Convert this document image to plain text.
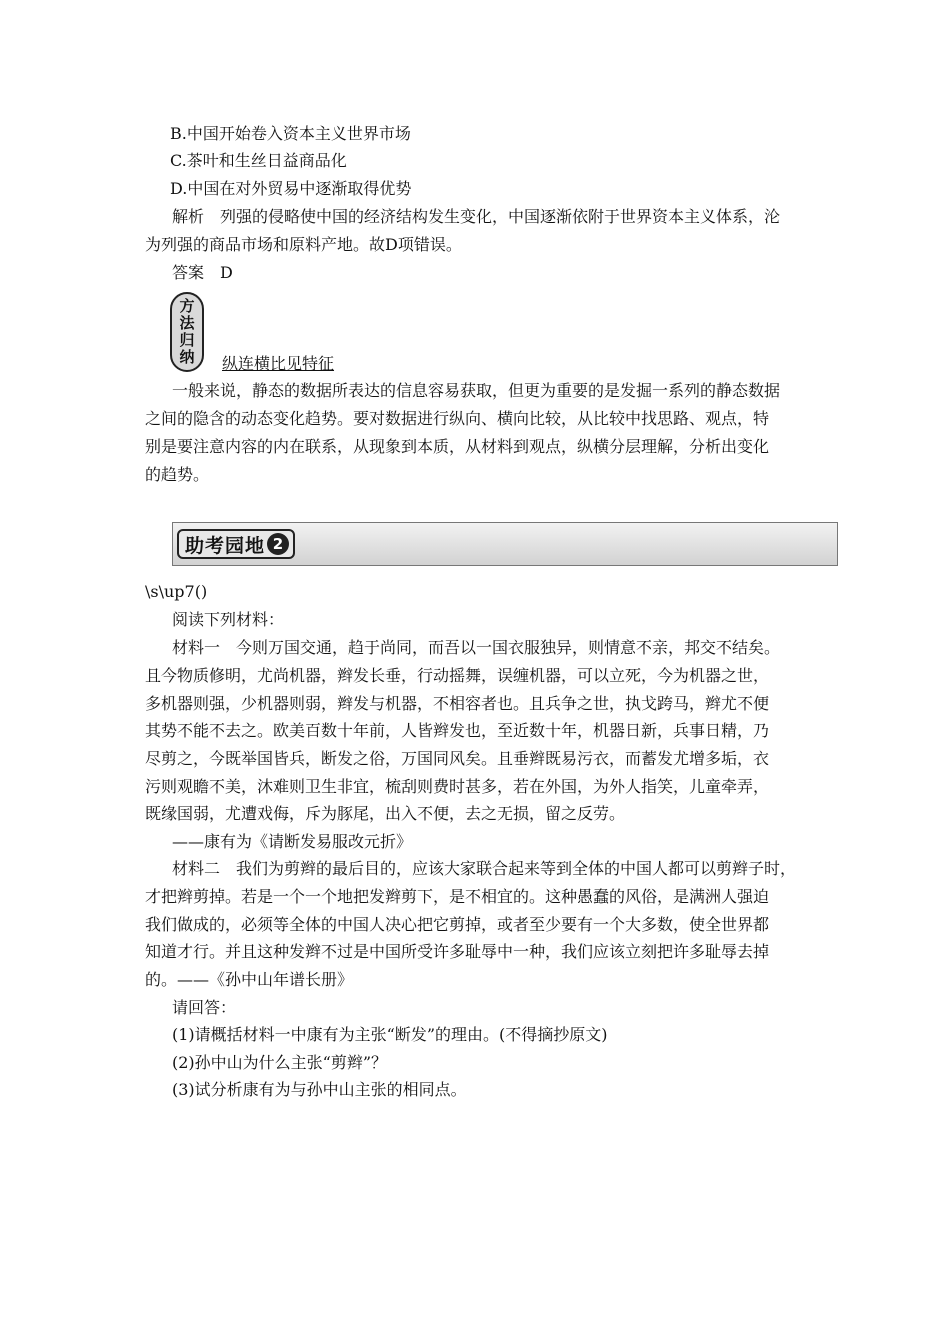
B.中国开始卷入资本主义世界市场
C.茶叶和生丝日益商品化
D.中国在对外贸易中逐渐取得优势
解析　列强的侵略使中国的经济结构发生变化，中国逐渐依附于世界资本主义体系，沦
为列强的商品市场和原料产地。故D项错误。
答案　D
方
法
归
纳 纵连横比见特征
一般来说，静态的数据所表达的信息容易获取，但更为重要的是发掘一系列的静态数据
之间的隐含的动态变化趋势。要对数据进行纵向、横向比较，从比较中找思路、观点，特
别是要注意内容的内在联系，从现象到本质，从材料到观点，纵横分层理解，分析出变化
的趋势。
助考园地 2
\s\up7()
阅读下列材料：
材料一　今则万国交通，趋于尚同，而吾以一国衣服独异，则情意不亲，邦交不结矣。
且今物质修明，尤尚机器，辫发长垂，行动摇舞，误缠机器，可以立死，今为机器之世，
多机器则强，少机器则弱，辫发与机器，不相容者也。且兵争之世，执戈跨马，辫尤不便
其势不能不去之。欧美百数十年前，人皆辫发也，至近数十年，机器日新，兵事日精，乃
尽剪之，今既举国皆兵，断发之俗，万国同风矣。且垂辫既易污衣，而蓄发尤增多垢，衣
污则观瞻不美，沐难则卫生非宜，梳刮则费时甚多，若在外国，为外人指笑，儿童牵弄，
既缘国弱，尤遭戏侮，斥为豚尾，出入不便，去之无损，留之反劳。
——康有为《请断发易服改元折》
材料二　我们为剪辫的最后目的，应该大家联合起来等到全体的中国人都可以剪辫子时，
才把辫剪掉。若是一个一个地把发辫剪下，是不相宜的。这种愚蠢的风俗，是满洲人强迫
我们做成的，必须等全体的中国人决心把它剪掉，或者至少要有一个大多数，使全世界都
知道才行。并且这种发辫不过是中国所受许多耻辱中一种，我们应该立刻把许多耻辱去掉
的。——《孙中山年谱长册》
请回答：
(1)请概括材料一中康有为主张“断发”的理由。(不得摘抄原文)
(2)孙中山为什么主张“剪辫”？
(3)试分析康有为与孙中山主张的相同点。
